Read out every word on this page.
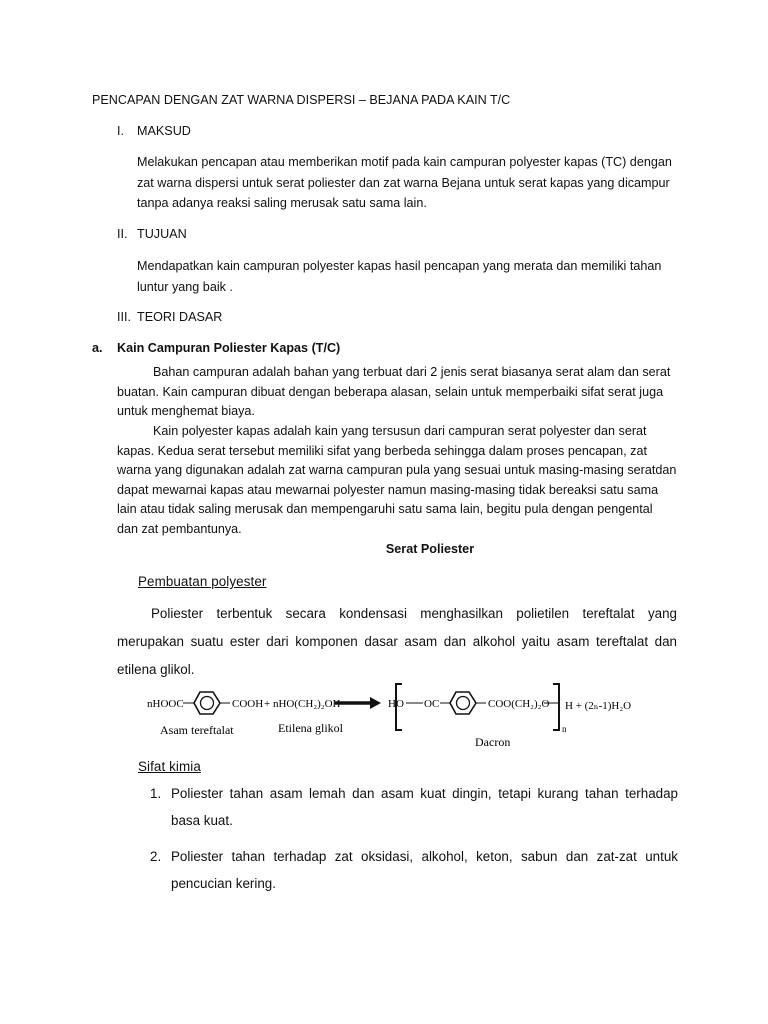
PENCAPAN DENGAN ZAT WARNA DISPERSI – BEJANA PADA KAIN T/C
I. MAKSUD
Melakukan pencapan atau memberikan motif pada kain campuran polyester kapas (TC) dengan
zat warna dispersi untuk serat poliester dan zat warna Bejana untuk serat kapas yang dicampur
tanpa adanya reaksi saling merusak satu sama lain.
II. TUJUAN
Mendapatkan kain campuran polyester kapas hasil pencapan yang merata dan memiliki tahan
luntur yang baik .
III. TEORI DASAR
a. Kain Campuran Poliester Kapas (T/C)
Bahan campuran adalah bahan yang terbuat dari 2 jenis serat biasanya serat alam dan serat
buatan. Kain campuran dibuat dengan beberapa alasan, selain untuk memperbaiki sifat serat juga
untuk menghemat biaya.
Kain polyester kapas adalah kain yang tersusun dari campuran serat polyester dan serat
kapas. Kedua serat tersebut memiliki sifat yang berbeda sehingga dalam proses pencapan, zat
warna yang digunakan adalah zat warna campuran pula yang sesuai untuk masing-masing seratdan
dapat mewarnai kapas atau mewarnai polyester namun masing-masing tidak bereaksi satu sama
lain atau tidak saling merusak dan mempengaruhi satu sama lain, begitu pula dengan pengental
dan zat pembantunya.
Serat Poliester
Pembuatan polyester
Poliester terbentuk secara kondensasi menghasilkan polietilen tereftalat yang
merupakan suatu ester dari komponen dasar asam dan alkohol yaitu asam tereftalat dan
etilena glikol.
nHOOC	COOH + nHO(CH₂)₂OH	HO OC	COO(CH₂)₂O
n
H + (2ₙ-1)H₂O
Asam tereftalat	Etilena glikol
Dacron
Sifat kimia
1. Poliester tahan asam lemah dan asam kuat dingin, tetapi kurang tahan terhadap basa kuat.
2. Poliester tahan terhadap zat oksidasi, alkohol, keton, sabun dan zat-zat untuk pencucian kering.
